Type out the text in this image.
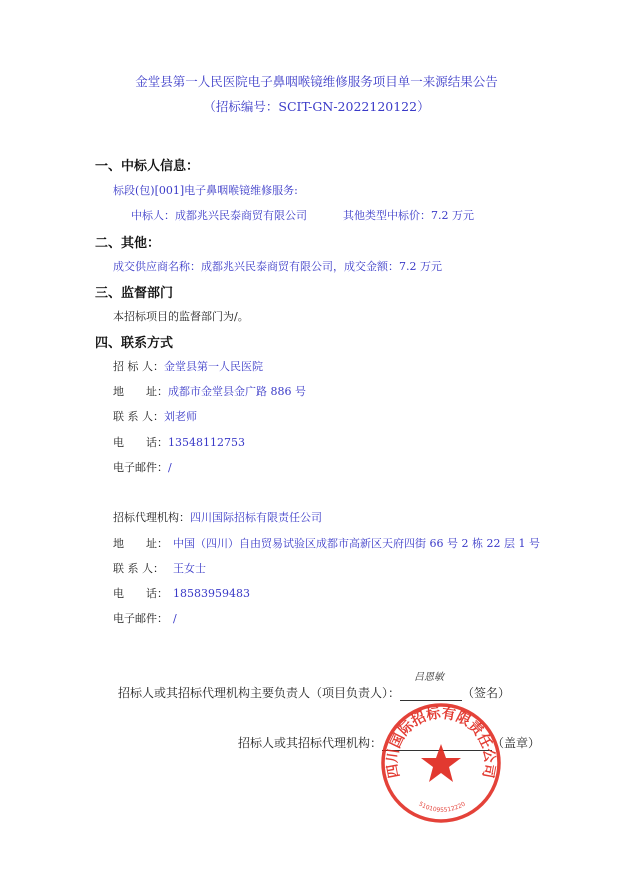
金堂县第一人民医院电子鼻咽喉镜维修服务项目单一来源结果公告
（招标编号：SCIT-GN-2022120122）
一、中标人信息：
标段(包)[001]电子鼻咽喉镜维修服务:
中标人：成都兆兴民泰商贸有限公司	其他类型中标价：7.2 万元
二、其他：
成交供应商名称：成都兆兴民泰商贸有限公司，成交金额：7.2 万元
三、监督部门
本招标项目的监督部门为/。
四、联系方式
招 标 人：金堂县第一人民医院
地　　址：成都市金堂县金广路 886 号
联 系 人：刘老师
电　　话：13548112753
电子邮件：/
招标代理机构：四川国际招标有限责任公司
地　　址： 中国（四川）自由贸易试验区成都市高新区天府四街 66 号 2 栋 22 层 1 号
联 系 人： 王女士
电　　话： 18583959483
电子邮件： /
招标人或其招标代理机构主要负责人（项目负责人）：
吕恩敏
（签名）
招标人或其招标代理机构：	（盖章）
四川国际招标有限责任公司
5101095512220
